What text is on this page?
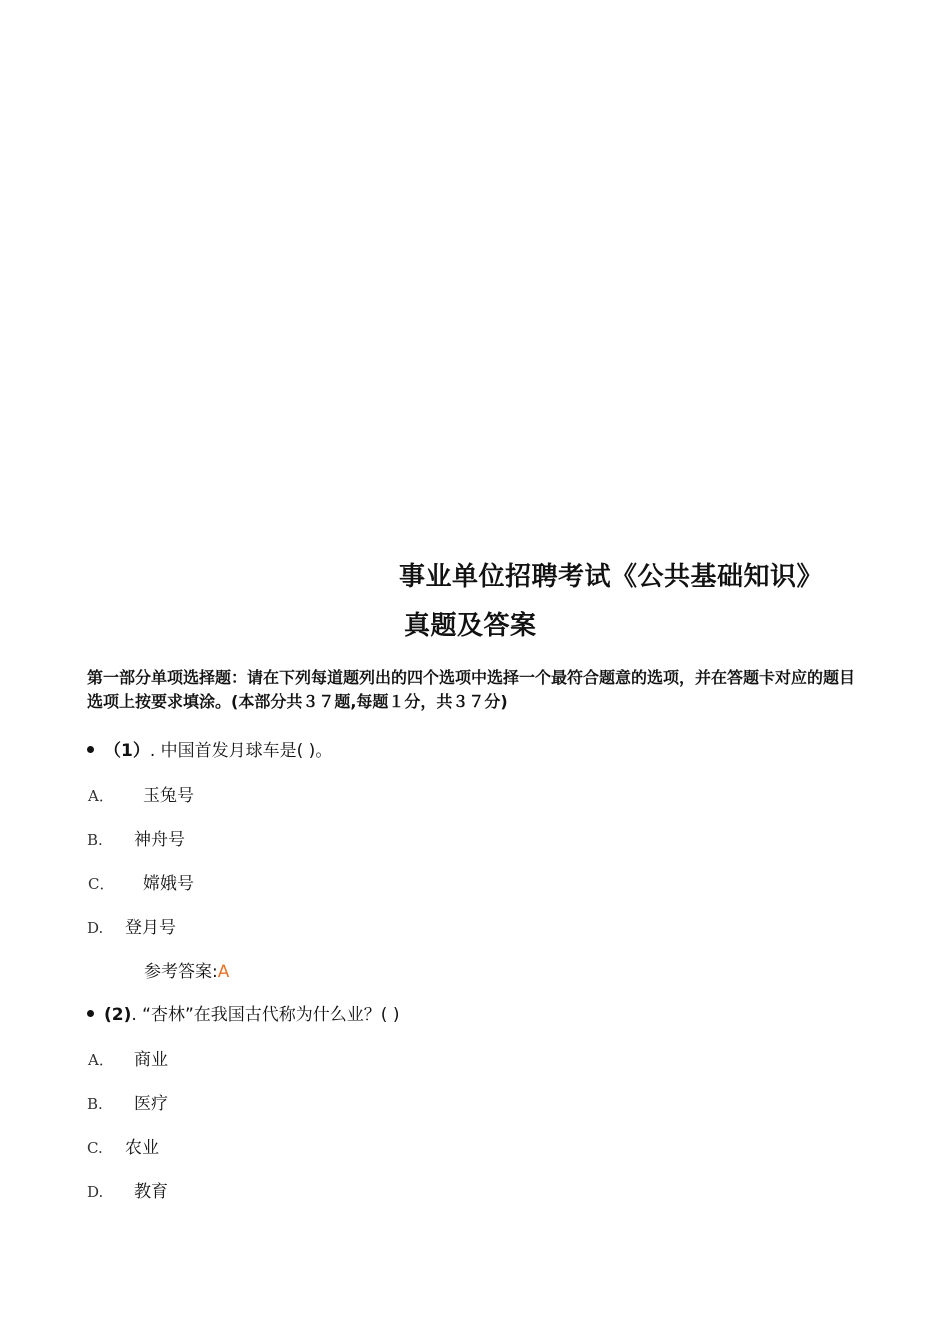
事业单位招聘考试《公共基础知识》
真题及答案
第一部分单项选择题：请在下列每道题列出的四个选项中选择一个最符合题意的选项，并在答题卡对应的题目选项上按要求填涂。(本部分共３７题,每题１分，共３７分)
（1）. 中国首发月球车是( )。
A． 玉兔号
B. 神舟号
C． 嫦娥号
D. 登月号
参考答案:A
(2). “杏林”在我国古代称为什么业？( )
A． 商业
B. 医疗
C. 农业
D. 教育
